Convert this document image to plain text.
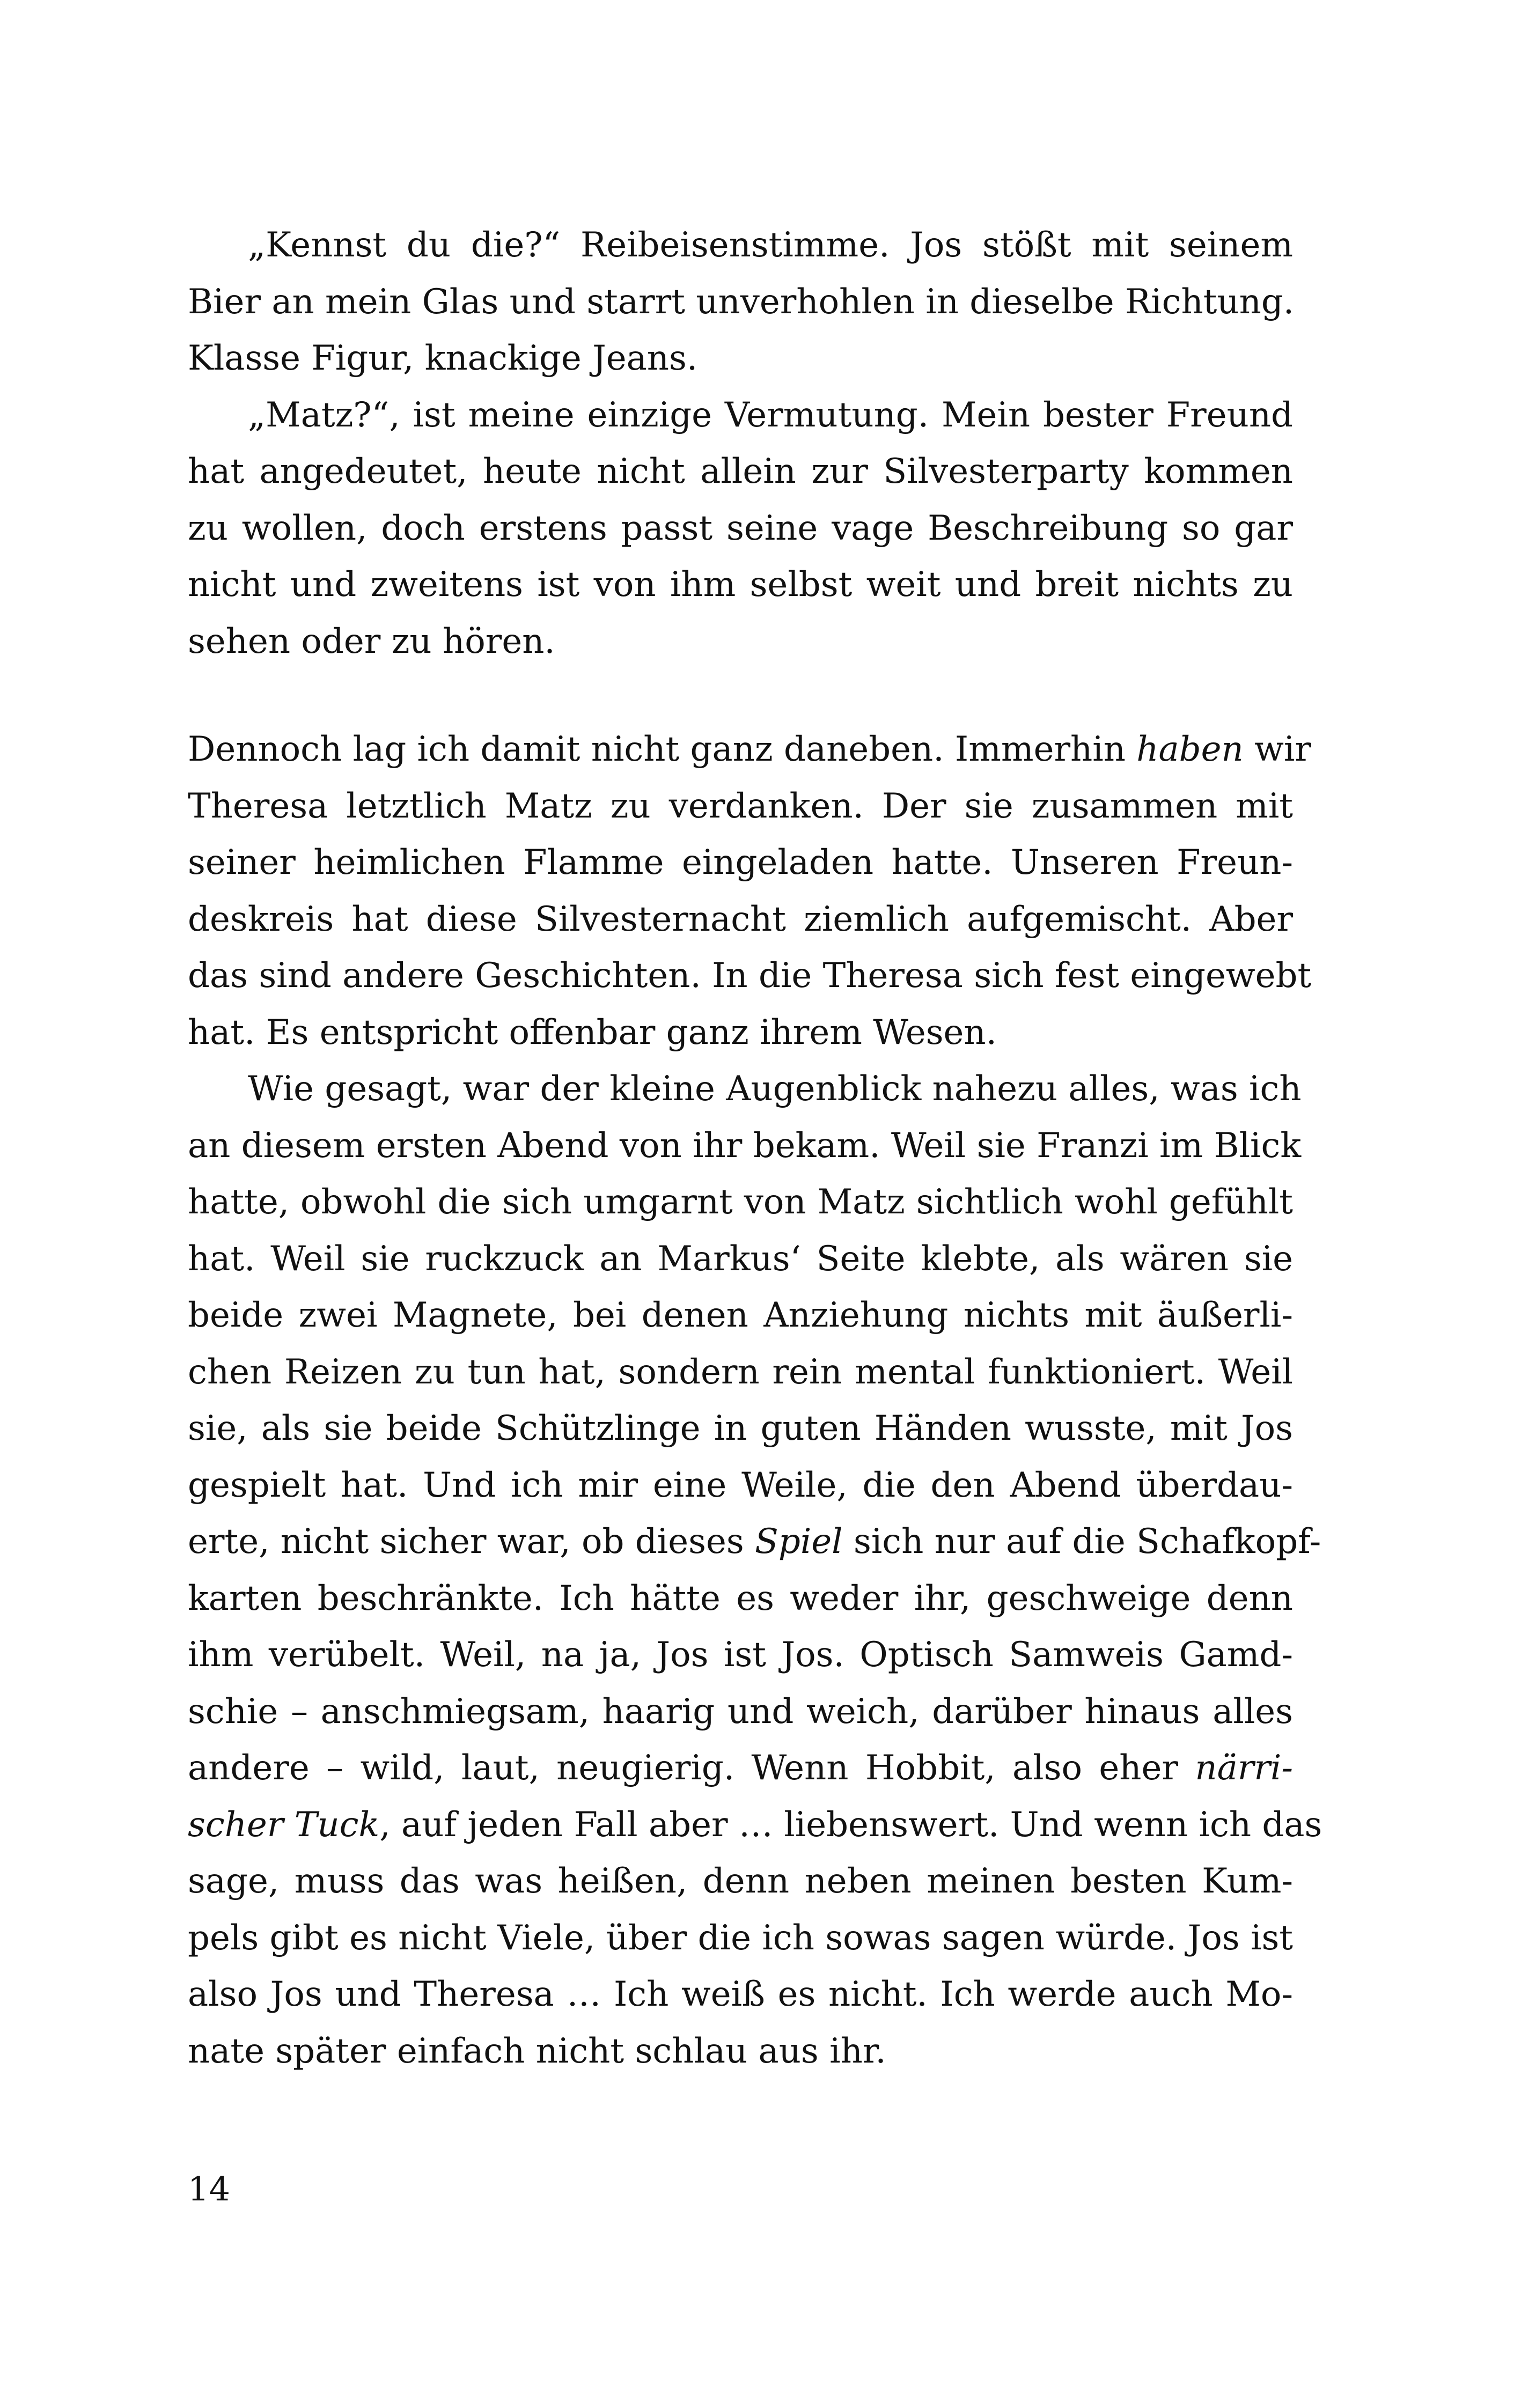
„Kennst du die?“ Reibeisenstimme. Jos stößt mit seinem
Bier an mein Glas und starrt unverhohlen in dieselbe Richtung.
Klasse Figur, knackige Jeans.
„Matz?“, ist meine einzige Vermutung. Mein bester Freund
hat angedeutet, heute nicht allein zur Silvesterparty kommen
zu wollen, doch erstens passt seine vage Beschreibung so gar
nicht und zweitens ist von ihm selbst weit und breit nichts zu
sehen oder zu hören.
Dennoch lag ich damit nicht ganz daneben. Immerhin haben wir
Theresa letztlich Matz zu verdanken. Der sie zusammen mit
seiner heimlichen Flamme eingeladen hatte. Unseren Freun-
deskreis hat diese Silvesternacht ziemlich aufgemischt. Aber
das sind andere Geschichten. In die Theresa sich fest eingewebt
hat. Es entspricht offenbar ganz ihrem Wesen.
Wie gesagt, war der kleine Augenblick nahezu alles, was ich
an diesem ersten Abend von ihr bekam. Weil sie Franzi im Blick
hatte, obwohl die sich umgarnt von Matz sichtlich wohl gefühlt
hat. Weil sie ruckzuck an Markus‘ Seite klebte, als wären sie
beide zwei Magnete, bei denen Anziehung nichts mit äußerli-
chen Reizen zu tun hat, sondern rein mental funktioniert. Weil
sie, als sie beide Schützlinge in guten Händen wusste, mit Jos
gespielt hat. Und ich mir eine Weile, die den Abend überdau-
erte, nicht sicher war, ob dieses Spiel sich nur auf die Schafkopf-
karten beschränkte. Ich hätte es weder ihr, geschweige denn
ihm verübelt. Weil, na ja, Jos ist Jos. Optisch Samweis Gamd-
schie – anschmiegsam, haarig und weich, darüber hinaus alles
andere – wild, laut, neugierig. Wenn Hobbit, also eher närri-
scher Tuck, auf jeden Fall aber … liebenswert. Und wenn ich das
sage, muss das was heißen, denn neben meinen besten Kum-
pels gibt es nicht Viele, über die ich sowas sagen würde. Jos ist
also Jos und Theresa … Ich weiß es nicht. Ich werde auch Mo-
nate später einfach nicht schlau aus ihr.
14
